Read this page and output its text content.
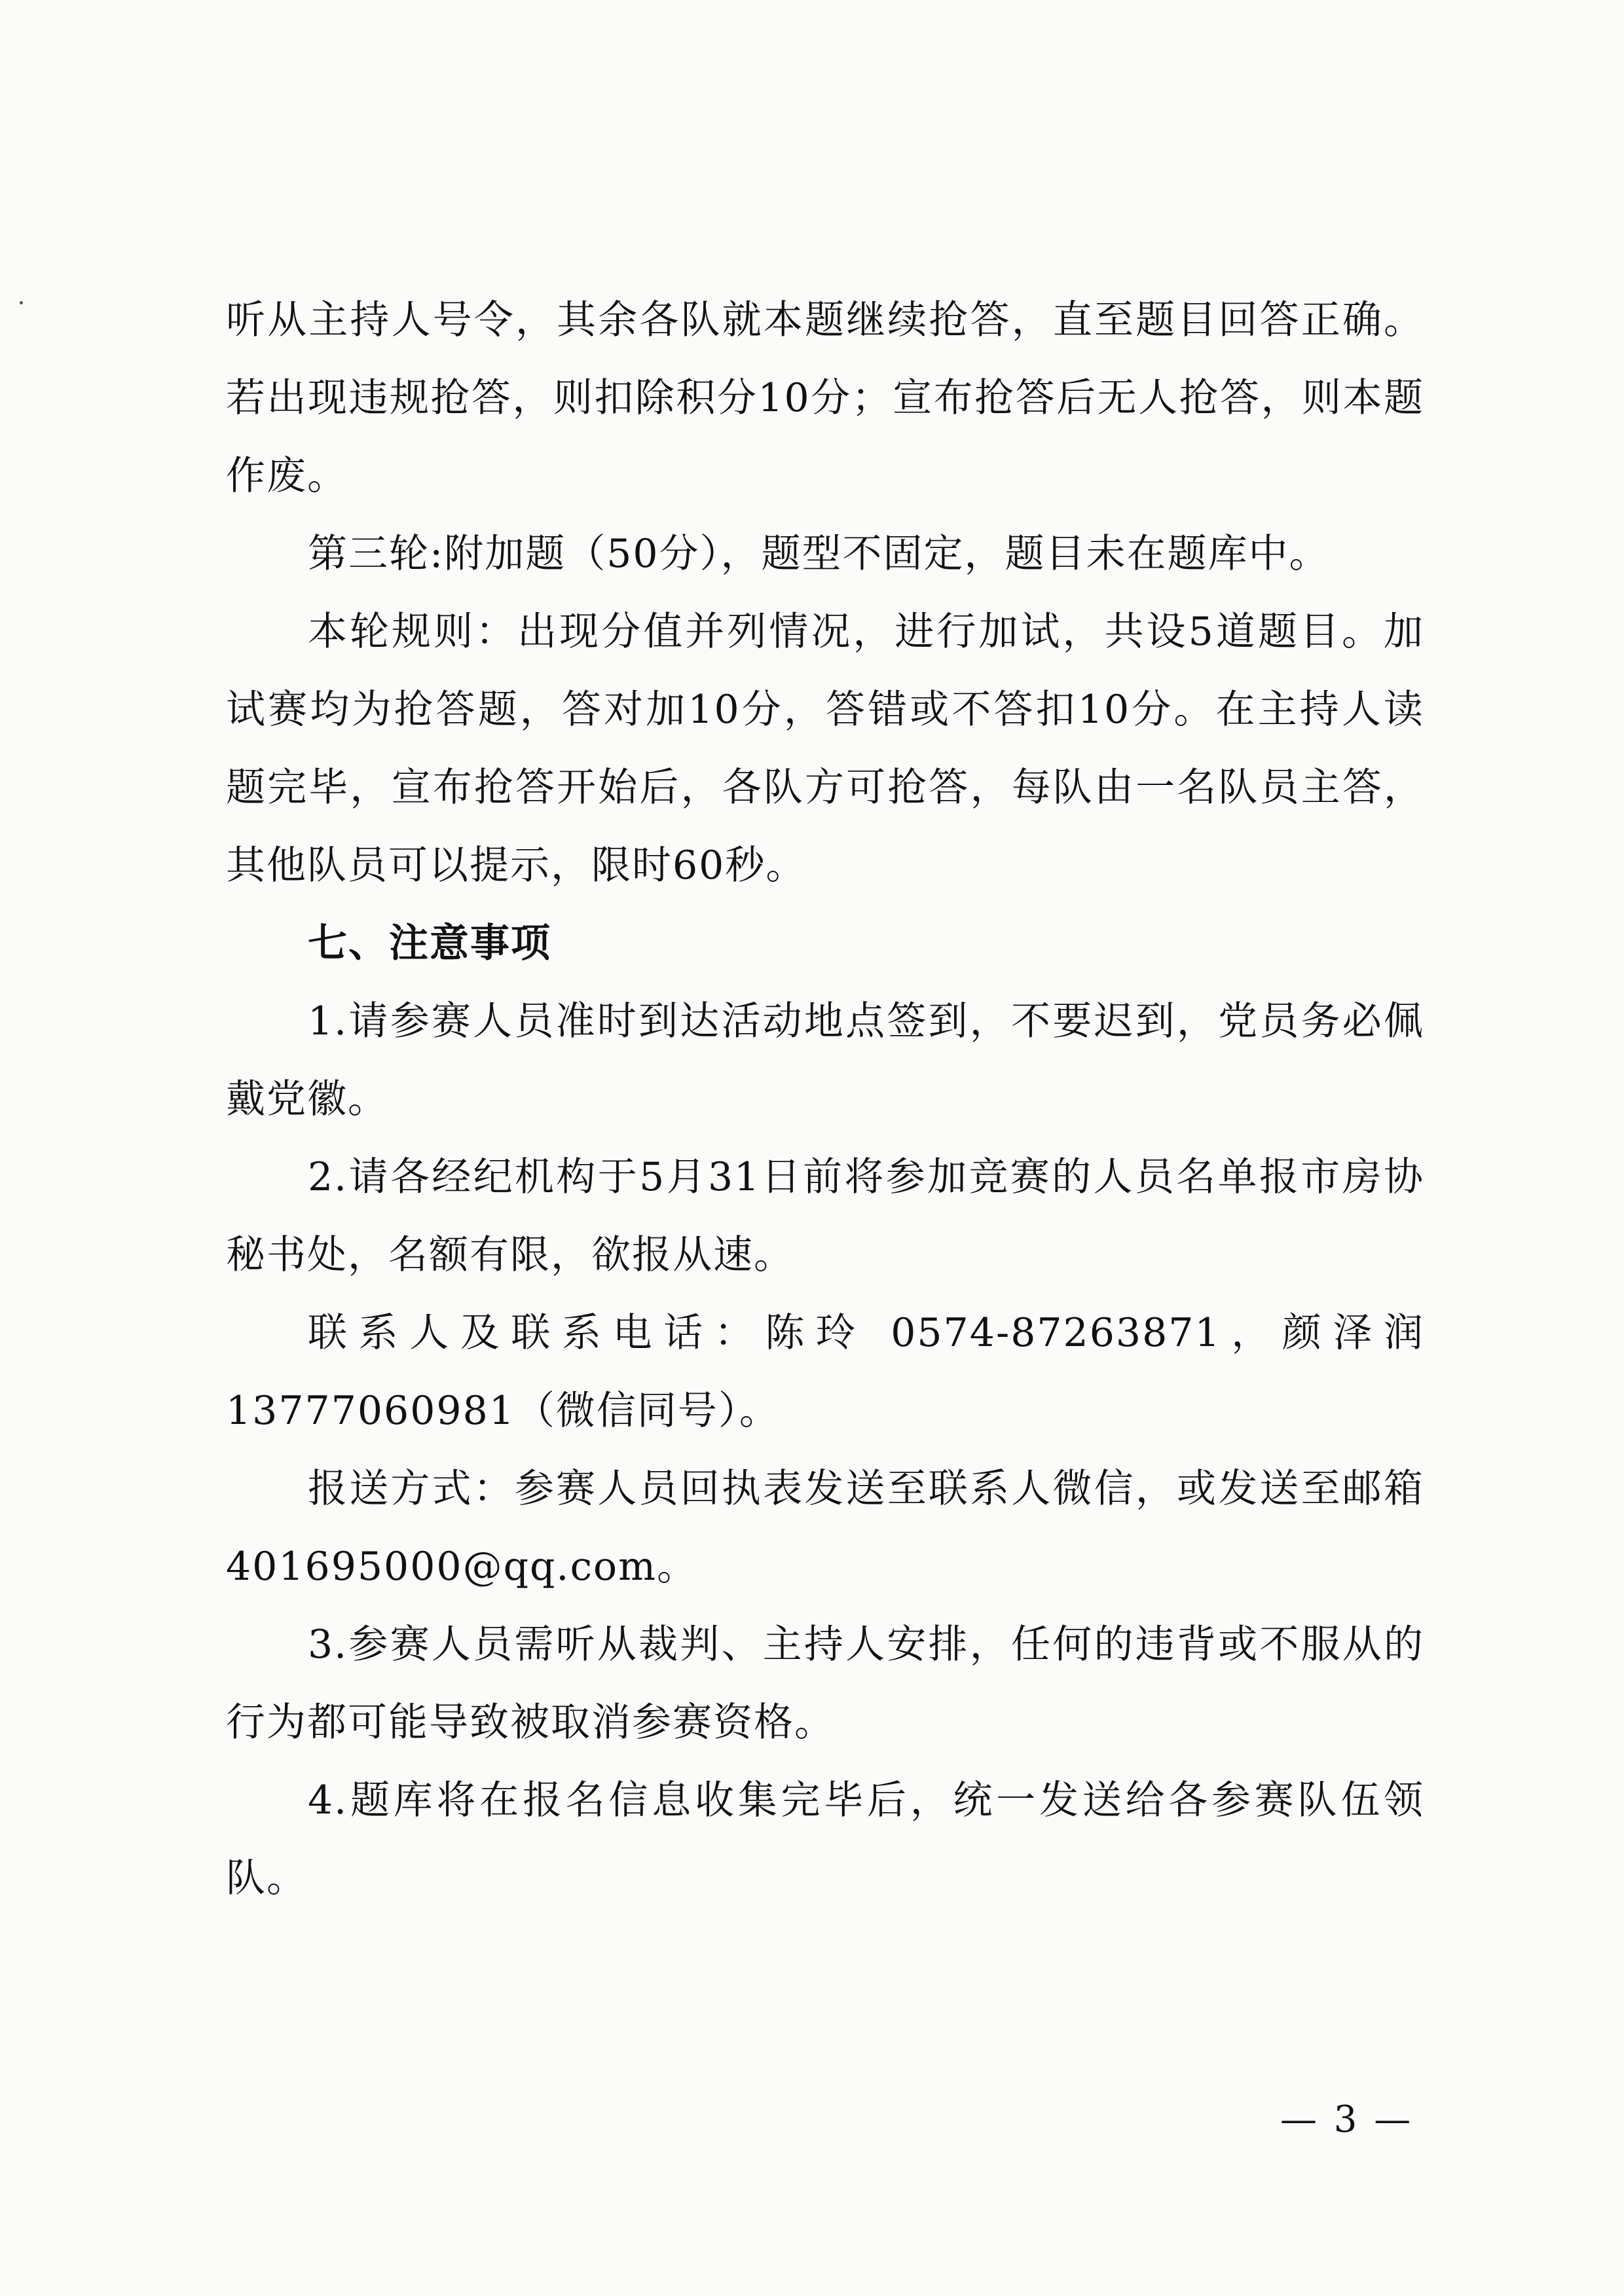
听从主持人号令，其余各队就本题继续抢答，直至题目回答正确。若出现违规抢答，则扣除积分10分；宣布抢答后无人抢答，则本题作废。

第三轮:附加题（50分），题型不固定，题目未在题库中。

本轮规则：出现分值并列情况，进行加试，共设5道题目。加试赛均为抢答题，答对加10分，答错或不答扣10分。在主持人读题完毕，宣布抢答开始后，各队方可抢答，每队由一名队员主答，其他队员可以提示，限时60秒。

七、注意事项

1.请参赛人员准时到达活动地点签到，不要迟到，党员务必佩戴党徽。

2.请各经纪机构于5月31日前将参加竞赛的人员名单报市房协秘书处，名额有限，欲报从速。

联系人及联系电话：陈玲 0574-87263871，颜泽润13777060981（微信同号）。

报送方式：参赛人员回执表发送至联系人微信，或发送至邮箱401695000@qq.com。

3.参赛人员需听从裁判、主持人安排，任何的违背或不服从的行为都可能导致被取消参赛资格。

4.题库将在报名信息收集完毕后，统一发送给各参赛队伍领队。

— 3 —
